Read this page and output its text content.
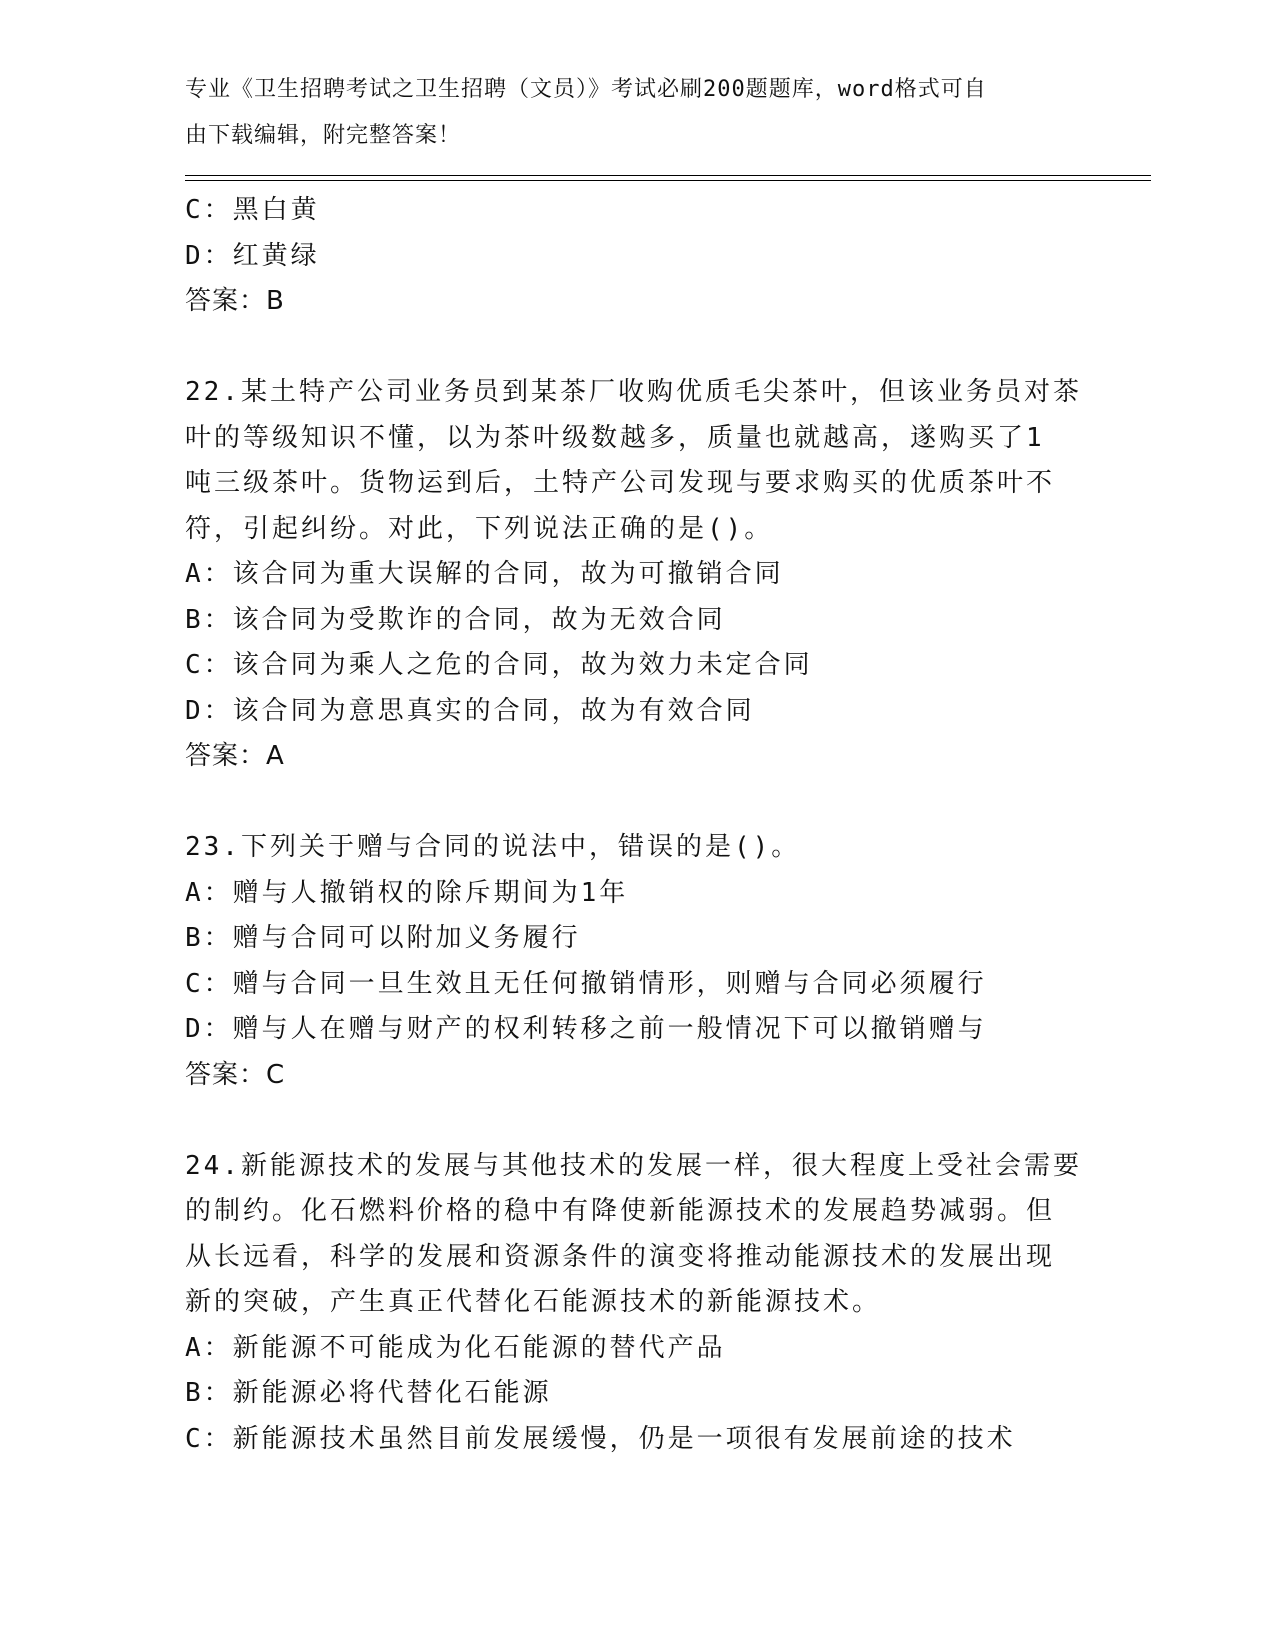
专业《卫生招聘考试之卫生招聘（文员）》考试必刷200题题库，word格式可自
由下载编辑，附完整答案！
C：黑白黄
D：红黄绿
答案：B
22.某土特产公司业务员到某茶厂收购优质毛尖茶叶，但该业务员对茶
叶的等级知识不懂，以为茶叶级数越多，质量也就越高，遂购买了1
吨三级茶叶。货物运到后，土特产公司发现与要求购买的优质茶叶不
符，引起纠纷。对此，下列说法正确的是()。
A：该合同为重大误解的合同，故为可撤销合同
B：该合同为受欺诈的合同，故为无效合同
C：该合同为乘人之危的合同，故为效力未定合同
D：该合同为意思真实的合同，故为有效合同
答案：A
23.下列关于赠与合同的说法中，错误的是()。
A：赠与人撤销权的除斥期间为1年
B：赠与合同可以附加义务履行
C：赠与合同一旦生效且无任何撤销情形，则赠与合同必须履行
D：赠与人在赠与财产的权利转移之前一般情况下可以撤销赠与
答案：C
24.新能源技术的发展与其他技术的发展一样，很大程度上受社会需要
的制约。化石燃料价格的稳中有降使新能源技术的发展趋势减弱。但
从长远看，科学的发展和资源条件的演变将推动能源技术的发展出现
新的突破，产生真正代替化石能源技术的新能源技术。
A：新能源不可能成为化石能源的替代产品
B：新能源必将代替化石能源
C：新能源技术虽然目前发展缓慢，仍是一项很有发展前途的技术
